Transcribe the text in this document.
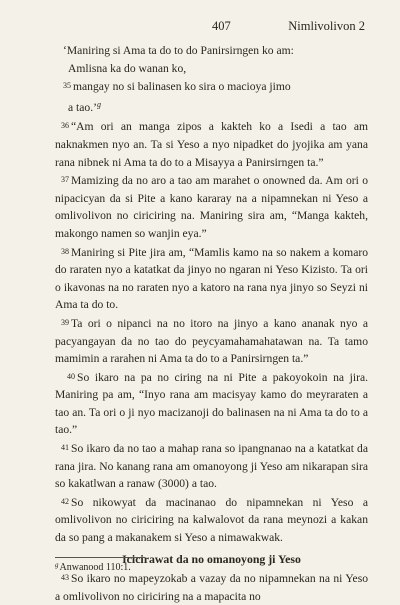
407	Nimlivolivon 2
‘Maniring si Ama ta do to do Panirsirngen ko am:
Amlisna ka do wanan ko,
35 mangay no si balinasen ko sira o macioya jimo
a tao.’$^g$

36 “Am ori an manga zipos a kakteh ko a Isedi a tao am naknakmen nyo an. Ta si Yeso a nyo nipadket do jyojika am yana rana nibnek ni Ama ta do to a Misayya a Panirsirngen ta.”

37 Mamizing da no aro a tao am marahet o onowned da. Am ori o nipacicyan da si Pite a kano kararay na a nipamnekan ni Yeso a omlivolivon no ciriciring na. Maniring sira am, “Manga kakteh, makongo namen so wanjin eya.”

38 Maniring si Pite jira am, “Mamlis kamo na so nakem a komaro do raraten nyo a katatkat da jinyo no ngaran ni Yeso Kizisto. Ta ori o ikavonas na no raraten nyo a katoro na rana nya jinyo so Seyzi ni Ama ta do to.

39 Ta ori o nipanci na no itoro na jinyo a kano ananak nyo a pacyangayan da no tao do peycyamahamahatawan na. Ta tamo mamimin a rarahen ni Ama ta do to a Panirsirngen ta.”

40 So ikaro na pa no ciring na ni Pite a pakoyokoin na jira. Maniring pa am, “Inyo rana am macisyay kamo do meyraraten a tao an. Ta ori o ji nyo macizanoji do balinasen na ni Ama ta do to a tao.”

41 So ikaro da no tao a mahap rana so ipangnanao na a katatkat da rana jira. No kanang rana am omanoyong ji Yeso am nikarapan sira so kakatlwan a ranaw (3000) a tao.

42 So nikowyat da macinanao do nipamnekan ni Yeso a omlivolivon no ciriciring na kalwalovot da rana meynozi a kakan da so pang a makanakem si Yeso a nimawakwak.

Icicirawat da no omanoyong ji Yeso

43 So ikaro no mapeyzokab a vazay da no nipamnekan na ni Yeso a omlivolivon no ciriciring na a mapacita no

$^g$Anwanood 110:1.
